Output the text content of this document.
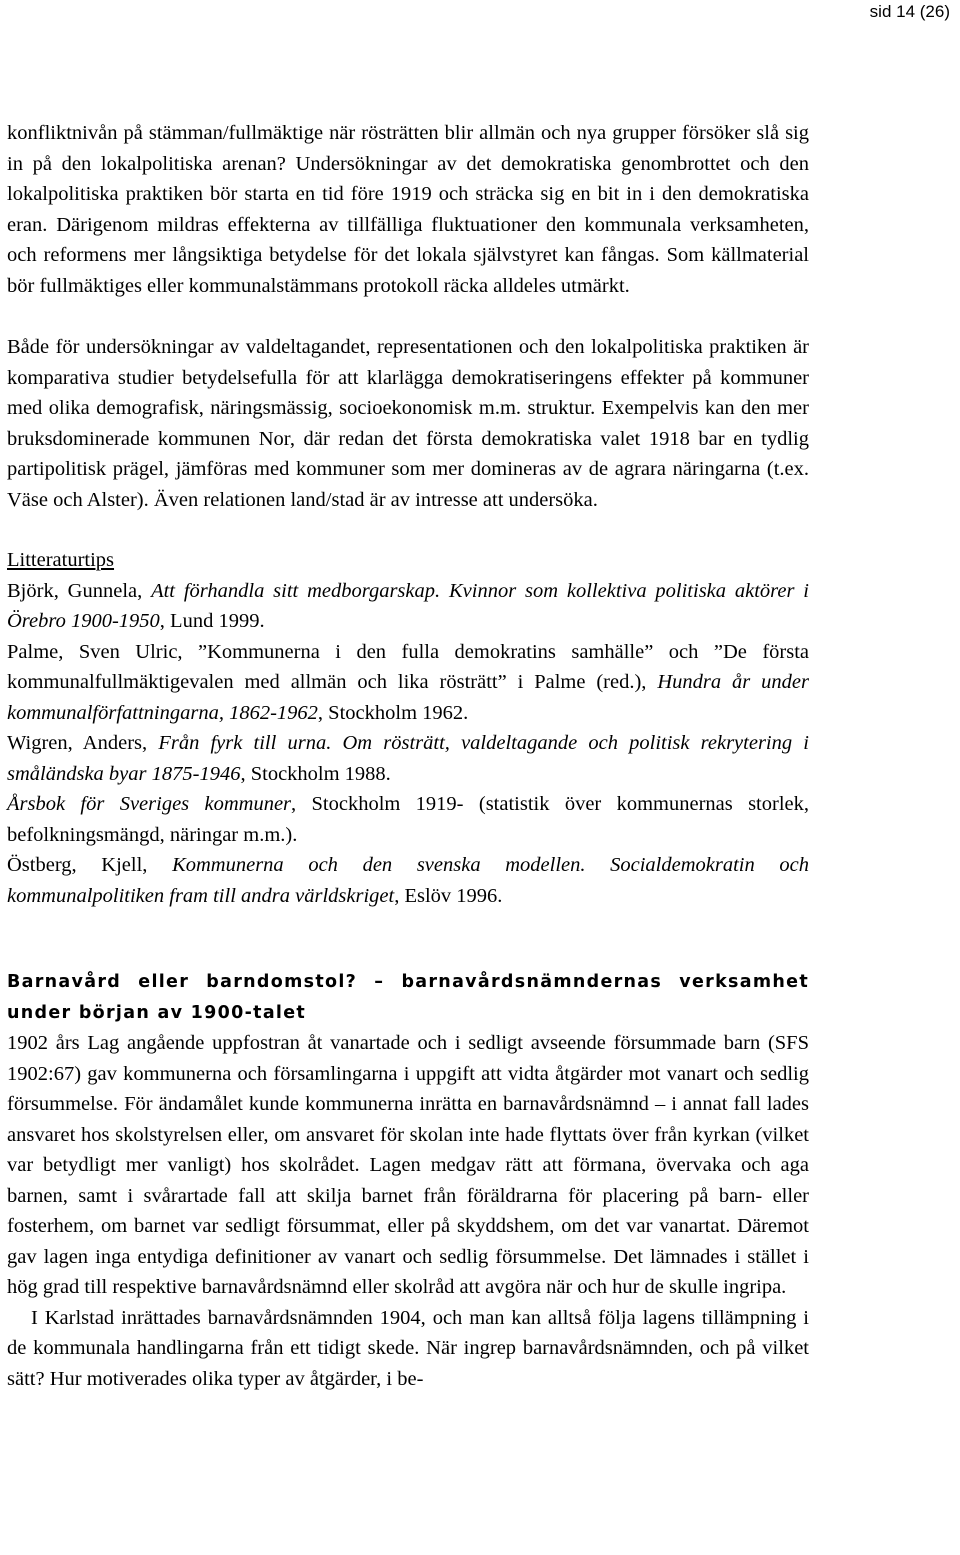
sid 14 (26)

konfliktnivån på stämman/fullmäktige när rösträtten blir allmän och nya grupper försöker slå sig in på den lokalpolitiska arenan? Undersökningar av det demokratiska genombrottet och den lokalpolitiska praktiken bör starta en tid före 1919 och sträcka sig en bit in i den demokratiska eran. Därigenom mildras effekterna av tillfälliga fluktuationer den kommunala verksamheten, och reformens mer långsiktiga betydelse för det lokala självstyret kan fångas. Som källmaterial bör fullmäktiges eller kommunalstämmans protokoll räcka alldeles utmärkt.

Både för undersökningar av valdeltagandet, representationen och den lokalpolitiska praktiken är komparativa studier betydelsefulla för att klarlägga demokratiseringens effekter på kommuner med olika demografisk, näringsmässig, socioekonomisk m.m. struktur. Exempelvis kan den mer bruksdominerade kommunen Nor, där redan det första demokratiska valet 1918 bar en tydlig partipolitisk prägel, jämföras med kommuner som mer domineras av de agrara näringarna (t.ex. Väse och Alster). Även relationen land/stad är av intresse att undersöka.

Litteraturtips

Björk, Gunnela, Att förhandla sitt medborgarskap. Kvinnor som kollektiva politiska aktörer i Örebro 1900-1950, Lund 1999.

Palme, Sven Ulric, ”Kommunerna i den fulla demokratins samhälle” och ”De första kommunalfullmäktigevalen med allmän och lika rösträtt” i Palme (red.), Hundra år under kommunalförfattningarna, 1862-1962, Stockholm 1962.

Wigren, Anders, Från fyrk till urna. Om rösträtt, valdeltagande och politisk rekrytering i småländska byar 1875-1946, Stockholm 1988.

Årsbok för Sveriges kommuner, Stockholm 1919- (statistik över kommunernas storlek, befolkningsmängd, näringar m.m.).

Östberg, Kjell, Kommunerna och den svenska modellen. Socialdemokratin och kommunalpolitiken fram till andra världskriget, Eslöv 1996.

Barnavård eller barndomstol? – barnavårdsnämndernas verksamhet under början av 1900-talet

1902 års Lag angående uppfostran åt vanartade och i sedligt avseende försummade barn (SFS 1902:67) gav kommunerna och församlingarna i uppgift att vidta åtgärder mot vanart och sedlig försummelse. För ändamålet kunde kommunerna inrätta en barnavårdsnämnd – i annat fall lades ansvaret hos skolstyrelsen eller, om ansvaret för skolan inte hade flyttats över från kyrkan (vilket var betydligt mer vanligt) hos skolrådet. Lagen medgav rätt att förmana, övervaka och aga barnen, samt i svårartade fall att skilja barnet från föräldrarna för placering på barn- eller fosterhem, om barnet var sedligt försummat, eller på skyddshem, om det var vanartat. Däremot gav lagen inga entydiga definitioner av vanart och sedlig försummelse. Det lämnades i stället i hög grad till respektive barnavårdsnämnd eller skolråd att avgöra när och hur de skulle ingripa.

I Karlstad inrättades barnavårdsnämnden 1904, och man kan alltså följa lagens tillämpning i de kommunala handlingarna från ett tidigt skede. När ingrep barnavårdsnämnden, och på vilket sätt? Hur motiverades olika typer av åtgärder, i be-
